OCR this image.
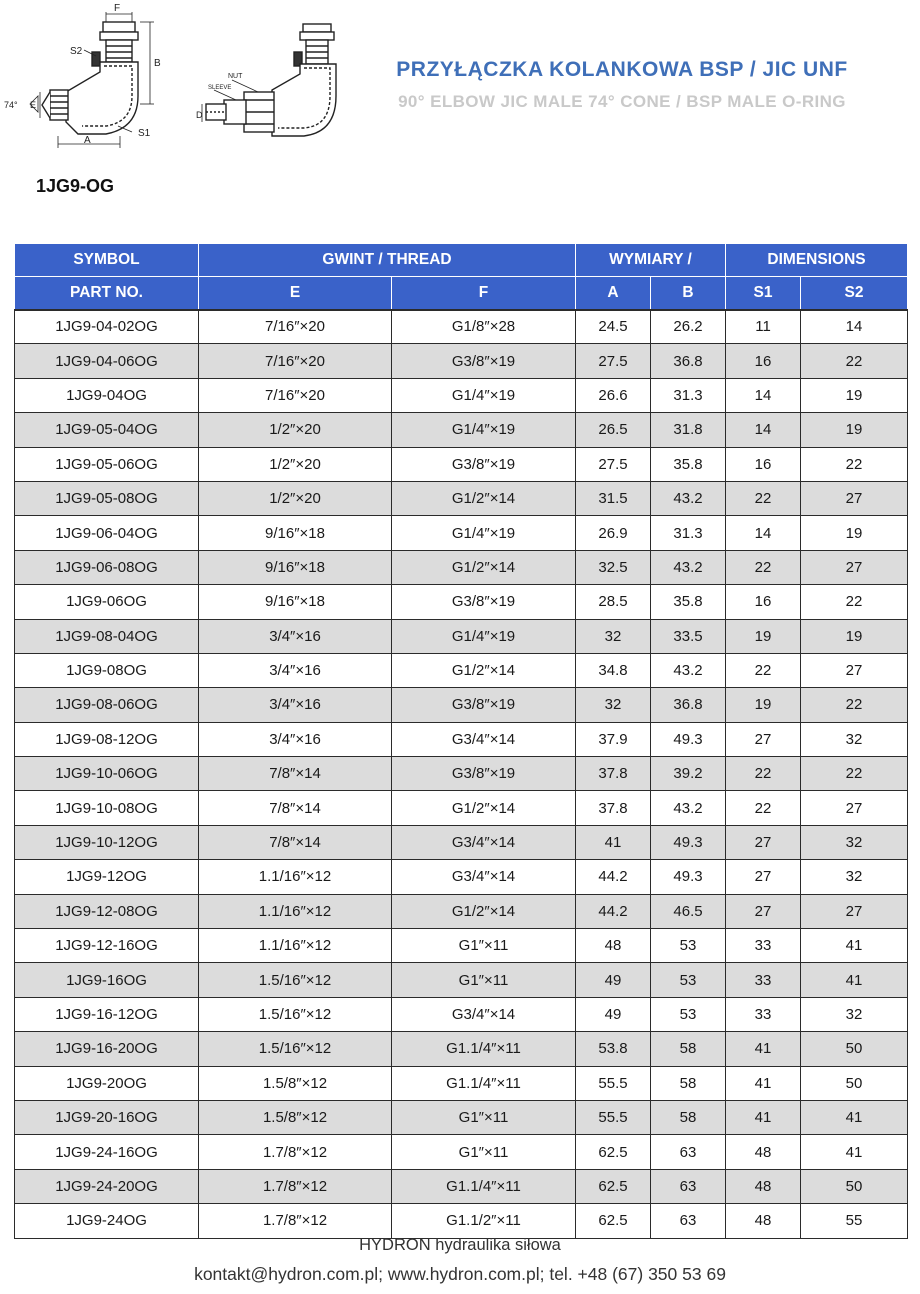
F
S2
B
E
74°
S1
A
NUT
SLEEVE
D
PRZYŁĄCZKA KOLANKOWA BSP / JIC UNF
90° ELBOW JIC MALE 74° CONE / BSP MALE O-RING
1JG9-OG
SYMBOL	GWINT / THREAD		WYMIARY /		DIMENSIONS	
PART NO.	E	F	A	B	S1	S2
1JG9-04-02OG	7/16″×20	G1/8″×28	24.5	26.2	11	14
1JG9-04-06OG	7/16″×20	G3/8″×19	27.5	36.8	16	22
1JG9-04OG	7/16″×20	G1/4″×19	26.6	31.3	14	19
1JG9-05-04OG	1/2″×20	G1/4″×19	26.5	31.8	14	19
1JG9-05-06OG	1/2″×20	G3/8″×19	27.5	35.8	16	22
1JG9-05-08OG	1/2″×20	G1/2″×14	31.5	43.2	22	27
1JG9-06-04OG	9/16″×18	G1/4″×19	26.9	31.3	14	19
1JG9-06-08OG	9/16″×18	G1/2″×14	32.5	43.2	22	27
1JG9-06OG	9/16″×18	G3/8″×19	28.5	35.8	16	22
1JG9-08-04OG	3/4″×16	G1/4″×19	32	33.5	19	19
1JG9-08OG	3/4″×16	G1/2″×14	34.8	43.2	22	27
1JG9-08-06OG	3/4″×16	G3/8″×19	32	36.8	19	22
1JG9-08-12OG	3/4″×16	G3/4″×14	37.9	49.3	27	32
1JG9-10-06OG	7/8″×14	G3/8″×19	37.8	39.2	22	22
1JG9-10-08OG	7/8″×14	G1/2″×14	37.8	43.2	22	27
1JG9-10-12OG	7/8″×14	G3/4″×14	41	49.3	27	32
1JG9-12OG	1.1/16″×12	G3/4″×14	44.2	49.3	27	32
1JG9-12-08OG	1.1/16″×12	G1/2″×14	44.2	46.5	27	27
1JG9-12-16OG	1.1/16″×12	G1″×11	48	53	33	41
1JG9-16OG	1.5/16″×12	G1″×11	49	53	33	41
1JG9-16-12OG	1.5/16″×12	G3/4″×14	49	53	33	32
1JG9-16-20OG	1.5/16″×12	G1.1/4″×11	53.8	58	41	50
1JG9-20OG	1.5/8″×12	G1.1/4″×11	55.5	58	41	50
1JG9-20-16OG	1.5/8″×12	G1″×11	55.5	58	41	41
1JG9-24-16OG	1.7/8″×12	G1″×11	62.5	63	48	41
1JG9-24-20OG	1.7/8″×12	G1.1/4″×11	62.5	63	48	50
1JG9-24OG	1.7/8″×12	G1.1/2″×11	62.5	63	48	55
HYDRON hydraulika siłowa
kontakt@hydron.com.pl; www.hydron.com.pl; tel. +48 (67) 350 53 69
